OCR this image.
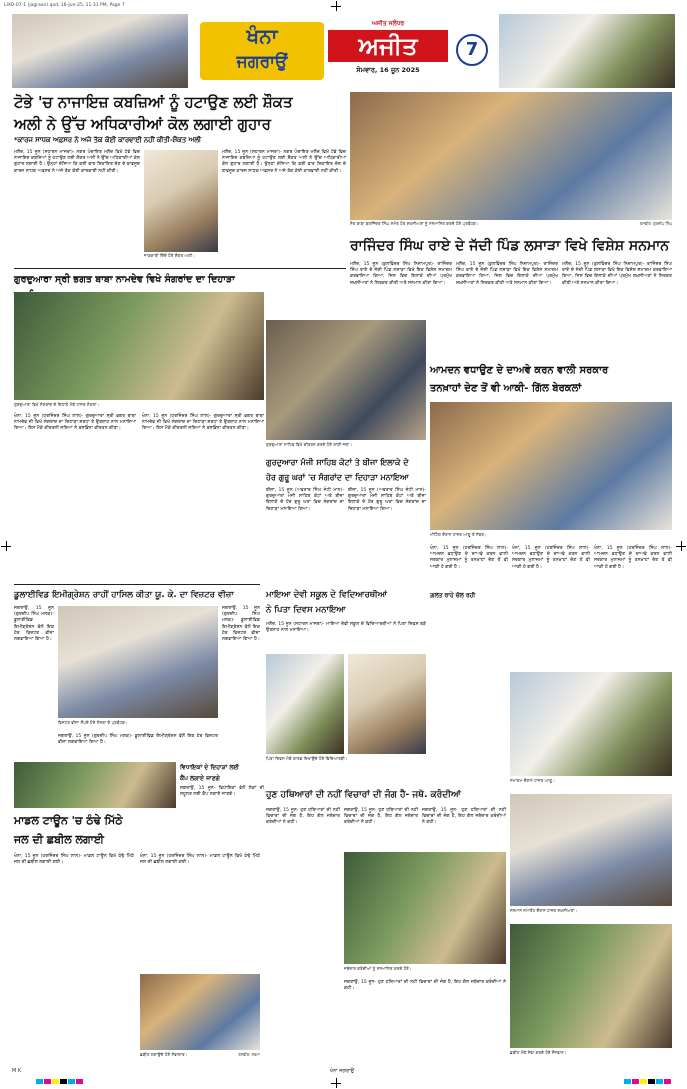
LIXO-07-1 (jagraon).qxd, 16-Jun-25, 11:31 PM, Page 7
ਖੰਨਾ
ਜਗਰਾਉਂ
ਅਜੀਤ ਜਲੰਧਰ
ਅਜੀਤ
ਸੋਮਵਾਰ, 16 ਜੂਨ 2025
7
ਟੋਭੇ 'ਚ ਨਾਜਾਇਜ਼ ਕਬਜ਼ਿਆਂ ਨੂੰ ਹਟਾਉਣ ਲਈ ਸ਼ੌਕਤ
ਅਲੀ ਨੇ ਉੱਚ ਅਧਿਕਾਰੀਆਂ ਕੋਲ ਲਗਾਈ ਗੁਹਾਰ
*ਕਾਰਜ ਸਾਧਕ ਅਫ਼ਸਰ ਨੇ ਅਜੇ ਤੱਕ ਕੋਈ ਕਾਰਵਾਈ ਨਹੀਂ ਕੀਤੀ-ਸ਼ੌਕਤ ਅਲੀ
ਮਲੌਦ, 15 ਜੂਨ (ਸਹਾਰਨ ਮਾਜਰਾ)- ਨਗਰ ਪੰਚਾਇਤ ਮਲੌਦ ਵਿਖੇ ਟੋਭੇ ਵਿਚ ਨਾਜਾਇਜ਼ ਕਬਜ਼ਿਆਂ ਨੂੰ ਹਟਾਉਣ ਲਈ ਸ਼ੌਕਤ ਅਲੀ ਨੇ ਉੱਚ ਅਧਿਕਾਰੀਆਂ ਕੋਲ ਗੁਹਾਰ ਲਗਾਈ ਹੈ। ਉਨ੍ਹਾਂ ਦੱਸਿਆ ਕਿ ਕਈ ਵਾਰ ਸ਼ਿਕਾਇਤ ਦੇਣ ਦੇ ਬਾਵਜੂਦ ਕਾਰਜ ਸਾਧਕ ਅਫ਼ਸਰ ਨੇ ਅਜੇ ਤੱਕ ਕੋਈ ਕਾਰਵਾਈ ਨਹੀਂ ਕੀਤੀ।
ਜਾਣਕਾਰੀ ਦਿੰਦੇ ਹੋਏ ਸ਼ੌਕਤ ਅਲੀ।
ਮਲੌਦ, 15 ਜੂਨ (ਸਹਾਰਨ ਮਾਜਰਾ)- ਨਗਰ ਪੰਚਾਇਤ ਮਲੌਦ ਵਿਖੇ ਟੋਭੇ ਵਿਚ ਨਾਜਾਇਜ਼ ਕਬਜ਼ਿਆਂ ਨੂੰ ਹਟਾਉਣ ਲਈ ਸ਼ੌਕਤ ਅਲੀ ਨੇ ਉੱਚ ਅਧਿਕਾਰੀਆਂ ਕੋਲ ਗੁਹਾਰ ਲਗਾਈ ਹੈ। ਉਨ੍ਹਾਂ ਦੱਸਿਆ ਕਿ ਕਈ ਵਾਰ ਸ਼ਿਕਾਇਤ ਦੇਣ ਦੇ ਬਾਵਜੂਦ ਕਾਰਜ ਸਾਧਕ ਅਫ਼ਸਰ ਨੇ ਅਜੇ ਤੱਕ ਕੋਈ ਕਾਰਵਾਈ ਨਹੀਂ ਕੀਤੀ।
ਸੰਤ ਬਾਬਾ ਬਲਜਿੰਦਰ ਸਿੰਘ ਸਮੇਤ ਹੋਰ ਸ਼ਖ਼ਸੀਅਤਾਂ ਨੂੰ ਸਨਮਾਨਿਤ ਕਰਦੇ ਹੋਏ ਪ੍ਰਬੰਧਕ।	ਤਸਵੀਰ: ਗੁਰਦੀਪ ਸਿੰਘ
ਰਾਜਿੰਦਰ ਸਿੰਘ ਰਾਏ ਦੇ ਜੱਦੀ ਪਿੰਡ ਲਸਾੜਾ ਵਿਖੇ ਵਿਸ਼ੇਸ਼ ਸਨਮਾਨ
ਮਲੌਦ, 15 ਜੂਨ (ਕੁਲਵਿੰਦਰ ਸਿੰਘ ਨਿਜ਼ਾਮਪੁਰ)- ਰਾਜਿੰਦਰ ਸਿੰਘ ਰਾਏ ਦੇ ਜੱਦੀ ਪਿੰਡ ਲਸਾੜਾ ਵਿਖੇ ਇਕ ਵਿਸ਼ੇਸ਼ ਸਮਾਗਮ ਕਰਵਾਇਆ ਗਿਆ, ਜਿਸ ਵਿਚ ਇਲਾਕੇ ਦੀਆਂ ਪ੍ਰਮੁੱਖ ਸ਼ਖ਼ਸੀਅਤਾਂ ਨੇ ਸ਼ਿਰਕਤ ਕੀਤੀ ਅਤੇ ਸਨਮਾਨ ਕੀਤਾ ਗਿਆ।
ਮਲੌਦ, 15 ਜੂਨ (ਕੁਲਵਿੰਦਰ ਸਿੰਘ ਨਿਜ਼ਾਮਪੁਰ)- ਰਾਜਿੰਦਰ ਸਿੰਘ ਰਾਏ ਦੇ ਜੱਦੀ ਪਿੰਡ ਲਸਾੜਾ ਵਿਖੇ ਇਕ ਵਿਸ਼ੇਸ਼ ਸਮਾਗਮ ਕਰਵਾਇਆ ਗਿਆ, ਜਿਸ ਵਿਚ ਇਲਾਕੇ ਦੀਆਂ ਪ੍ਰਮੁੱਖ ਸ਼ਖ਼ਸੀਅਤਾਂ ਨੇ ਸ਼ਿਰਕਤ ਕੀਤੀ ਅਤੇ ਸਨਮਾਨ ਕੀਤਾ ਗਿਆ।
ਮਲੌਦ, 15 ਜੂਨ (ਕੁਲਵਿੰਦਰ ਸਿੰਘ ਨਿਜ਼ਾਮਪੁਰ)- ਰਾਜਿੰਦਰ ਸਿੰਘ ਰਾਏ ਦੇ ਜੱਦੀ ਪਿੰਡ ਲਸਾੜਾ ਵਿਖੇ ਇਕ ਵਿਸ਼ੇਸ਼ ਸਮਾਗਮ ਕਰਵਾਇਆ ਗਿਆ, ਜਿਸ ਵਿਚ ਇਲਾਕੇ ਦੀਆਂ ਪ੍ਰਮੁੱਖ ਸ਼ਖ਼ਸੀਅਤਾਂ ਨੇ ਸ਼ਿਰਕਤ ਕੀਤੀ ਅਤੇ ਸਨਮਾਨ ਕੀਤਾ ਗਿਆ।
ਗੁਰਦੁਆਰਾ ਸ੍ਰੀ ਭਗਤ ਬਾਬਾ ਨਾਮਦੇਵ ਵਿਖੇ ਸੰਗਰਾਂਦ ਦਾ ਦਿਹਾੜਾ
ਗੁਰਦੁਆਰਾ ਵਿਖੇ ਸੰਗਰਾਂਦ ਦੇ ਦਿਹਾੜੇ ਮੌਕੇ ਹਾਜ਼ਰ ਸੰਗਤਾਂ।
ਖੰਨਾ, 15 ਜੂਨ (ਹਰਜਿੰਦਰ ਸਿੰਘ ਲਾਲ)- ਗੁਰਦੁਆਰਾ ਸ੍ਰੀ ਭਗਤ ਬਾਬਾ ਨਾਮਦੇਵ ਜੀ ਵਿਖੇ ਸੰਗਰਾਂਦ ਦਾ ਦਿਹਾੜਾ ਸ਼ਰਧਾ ਤੇ ਉਤਸ਼ਾਹ ਨਾਲ ਮਨਾਇਆ ਗਿਆ। ਇਸ ਮੌਕੇ ਕੀਰਤਨੀ ਜਥਿਆਂ ਨੇ ਰਸਭਿੰਨਾ ਕੀਰਤਨ ਕੀਤਾ।
ਖੰਨਾ, 15 ਜੂਨ (ਹਰਜਿੰਦਰ ਸਿੰਘ ਲਾਲ)- ਗੁਰਦੁਆਰਾ ਸ੍ਰੀ ਭਗਤ ਬਾਬਾ ਨਾਮਦੇਵ ਜੀ ਵਿਖੇ ਸੰਗਰਾਂਦ ਦਾ ਦਿਹਾੜਾ ਸ਼ਰਧਾ ਤੇ ਉਤਸ਼ਾਹ ਨਾਲ ਮਨਾਇਆ ਗਿਆ। ਇਸ ਮੌਕੇ ਕੀਰਤਨੀ ਜਥਿਆਂ ਨੇ ਰਸਭਿੰਨਾ ਕੀਰਤਨ ਕੀਤਾ।
ਗੁਰਦੁਆਰਾ ਸਾਹਿਬ ਵਿਖੇ ਕੀਰਤਨ ਕਰਦੇ ਹੋਏ ਰਾਗੀ ਜਥਾ।
ਗੁਰਦੁਆਰਾ ਮੰਜੀ ਸਾਹਿਬ ਕੋਟਾਂ ਤੇ ਬੀਜਾ ਇਲਾਕੇ ਦੇ
ਹੋਰ ਗੁਰੂ ਘਰਾਂ 'ਚ ਸੰਗਰਾਂਦ ਦਾ ਦਿਹਾੜਾ ਮਨਾਇਆ
ਬੀਜਾ, 15 ਜੂਨ (ਅਵਤਾਰ ਸਿੰਘ ਜੰਟੀ ਮਾਨ)- ਗੁਰਦੁਆਰਾ ਮੰਜੀ ਸਾਹਿਬ ਕੋਟਾਂ ਅਤੇ ਬੀਜਾ ਇਲਾਕੇ ਦੇ ਹੋਰ ਗੁਰੂ ਘਰਾਂ ਵਿਚ ਸੰਗਰਾਂਦ ਦਾ ਦਿਹਾੜਾ ਮਨਾਇਆ ਗਿਆ।
ਬੀਜਾ, 15 ਜੂਨ (ਅਵਤਾਰ ਸਿੰਘ ਜੰਟੀ ਮਾਨ)- ਗੁਰਦੁਆਰਾ ਮੰਜੀ ਸਾਹਿਬ ਕੋਟਾਂ ਅਤੇ ਬੀਜਾ ਇਲਾਕੇ ਦੇ ਹੋਰ ਗੁਰੂ ਘਰਾਂ ਵਿਚ ਸੰਗਰਾਂਦ ਦਾ ਦਿਹਾੜਾ ਮਨਾਇਆ ਗਿਆ।
ਆਮਦਨ ਵਧਾਉਣ ਦੇ ਦਾਅਵੇ ਕਰਨ ਵਾਲੀ ਸਰਕਾਰ
ਤਨਖ਼ਾਹਾਂ ਦੇਣ ਤੋਂ ਵੀ ਆਕੀ- ਗਿੱਲ ਬੇਰਕਲਾਂ
ਮੀਟਿੰਗ ਦੌਰਾਨ ਹਾਜ਼ਰ ਆਗੂ ਤੇ ਮੈਂਬਰ।
ਖੰਨਾ, 15 ਜੂਨ (ਹਰਜਿੰਦਰ ਸਿੰਘ ਲਾਲ)- ਆਮਦਨ ਵਧਾਉਣ ਦੇ ਦਾਅਵੇ ਕਰਨ ਵਾਲੀ ਸਰਕਾਰ ਮੁਲਾਜ਼ਮਾਂ ਨੂੰ ਤਨਖ਼ਾਹਾਂ ਦੇਣ ਤੋਂ ਵੀ ਆਕੀ ਹੋ ਗਈ ਹੈ।
ਗ਼ਲਤ ਰਾਹੇ ਚੱਲ ਰਹੀ
ਖੰਨਾ, 15 ਜੂਨ (ਹਰਜਿੰਦਰ ਸਿੰਘ ਲਾਲ)- ਆਮਦਨ ਵਧਾਉਣ ਦੇ ਦਾਅਵੇ ਕਰਨ ਵਾਲੀ ਸਰਕਾਰ ਮੁਲਾਜ਼ਮਾਂ ਨੂੰ ਤਨਖ਼ਾਹਾਂ ਦੇਣ ਤੋਂ ਵੀ ਆਕੀ ਹੋ ਗਈ ਹੈ।
ਖੰਨਾ, 15 ਜੂਨ (ਹਰਜਿੰਦਰ ਸਿੰਘ ਲਾਲ)- ਆਮਦਨ ਵਧਾਉਣ ਦੇ ਦਾਅਵੇ ਕਰਨ ਵਾਲੀ ਸਰਕਾਰ ਮੁਲਾਜ਼ਮਾਂ ਨੂੰ ਤਨਖ਼ਾਹਾਂ ਦੇਣ ਤੋਂ ਵੀ ਆਕੀ ਹੋ ਗਈ ਹੈ।
ਡੂਲਾਈਵਿਡ ਇਮੀਗ੍ਰੇਸ਼ਨ ਰਾਹੀਂ ਹਾਸਿਲ ਕੀਤਾ ਯੂ. ਕੇ. ਦਾ ਵਿਜ਼ਟਰ ਵੀਜ਼ਾ
ਜਗਰਾਉਂ, 15 ਜੂਨ (ਗੁਰਦੀਪ ਸਿੰਘ ਮਲਕ)- ਡੂਲਾਈਵਿਡ ਇਮੀਗ੍ਰੇਸ਼ਨ ਵੱਲੋਂ ਇਕ ਹੋਰ ਵਿਜ਼ਟਰ ਵੀਜ਼ਾ ਲਗਵਾਇਆ ਗਿਆ ਹੈ।
ਵਿਜ਼ਟਰ ਵੀਜ਼ਾ ਸੌਂਪਦੇ ਹੋਏ ਸੰਸਥਾ ਦੇ ਪ੍ਰਬੰਧਕ।
ਜਗਰਾਉਂ, 15 ਜੂਨ (ਗੁਰਦੀਪ ਸਿੰਘ ਮਲਕ)- ਡੂਲਾਈਵਿਡ ਇਮੀਗ੍ਰੇਸ਼ਨ ਵੱਲੋਂ ਇਕ ਹੋਰ ਵਿਜ਼ਟਰ ਵੀਜ਼ਾ ਲਗਵਾਇਆ ਗਿਆ ਹੈ।
ਜਗਰਾਉਂ, 15 ਜੂਨ (ਗੁਰਦੀਪ ਸਿੰਘ ਮਲਕ)- ਡੂਲਾਈਵਿਡ ਇਮੀਗ੍ਰੇਸ਼ਨ ਵੱਲੋਂ ਇਕ ਹੋਰ ਵਿਜ਼ਟਰ ਵੀਜ਼ਾ ਲਗਵਾਇਆ ਗਿਆ ਹੈ।
ਮਾਇਆ ਦੇਵੀ ਸਕੂਲ ਦੇ ਵਿਦਿਆਰਥੀਆਂ
ਨੇ ਪਿਤਾ ਦਿਵਸ ਮਨਾਇਆ
ਮਲੌਦ, 15 ਜੂਨ (ਸਹਾਰਨ ਮਾਜਰਾ)- ਮਾਇਆ ਦੇਵੀ ਸਕੂਲ ਦੇ ਵਿਦਿਆਰਥੀਆਂ ਨੇ ਪਿਤਾ ਦਿਵਸ ਬੜੇ ਉਤਸ਼ਾਹ ਨਾਲ ਮਨਾਇਆ।
ਪਿਤਾ ਦਿਵਸ ਮੌਕੇ ਕਾਰਡ ਦਿਖਾਉਂਦੇ ਹੋਏ ਵਿਦਿਆਰਥੀ।
ਵਿਧਾਇਕਾਂ ਦੇ ਦਿਹਾੜਾਂ ਲਈ
ਕੈਂਪ ਲਗਾਏ ਜਾਣਗੇ
ਜਗਰਾਉਂ, 15 ਜੂਨ- ਵਿਧਾਇਕਾਂ ਵੱਲੋਂ ਲੋਕਾਂ ਦੀ ਸਹੂਲਤ ਲਈ ਕੈਂਪ ਲਗਾਏ ਜਾਣਗੇ।
ਮਾਡਲ ਟਾਊਨ 'ਚ ਠੰਢੇ ਮਿੱਠੇ
ਜਲ ਦੀ ਛਬੀਲ ਲਗਾਈ
ਖੰਨਾ, 15 ਜੂਨ (ਹਰਜਿੰਦਰ ਸਿੰਘ ਲਾਲ)- ਮਾਡਲ ਟਾਊਨ ਵਿਖੇ ਠੰਢੇ ਮਿੱਠੇ ਜਲ ਦੀ ਛਬੀਲ ਲਗਾਈ ਗਈ।
ਖੰਨਾ, 15 ਜੂਨ (ਹਰਜਿੰਦਰ ਸਿੰਘ ਲਾਲ)- ਮਾਡਲ ਟਾਊਨ ਵਿਖੇ ਠੰਢੇ ਮਿੱਠੇ ਜਲ ਦੀ ਛਬੀਲ ਲਗਾਈ ਗਈ।
ਛਬੀਲ ਲਗਾਉਂਦੇ ਹੋਏ ਸੇਵਾਦਾਰ।	ਤਸਵੀਰ: ਸ਼ਰਮਾ
ਸਮਾਗਮ ਦੌਰਾਨ ਹਾਜ਼ਰ ਆਗੂ।
ਸਨਮਾਨ ਸਮਾਰੋਹ ਦੌਰਾਨ ਹਾਜ਼ਰ ਸ਼ਖ਼ਸੀਅਤਾਂ।
ਛਬੀਲ ਮੌਕੇ ਸੇਵਾ ਕਰਦੇ ਹੋਏ ਨੌਜਵਾਨ।
ਹੁਣ ਹਥਿਆਰਾਂ ਦੀ ਨਹੀਂ ਵਿਚਾਰਾਂ ਦੀ ਜੰਗ ਹੈ- ਜਥੇ. ਕਰੰਦੀਆਂ
ਜਗਰਾਉਂ, 15 ਜੂਨ- ਹੁਣ ਹਥਿਆਰਾਂ ਦੀ ਨਹੀਂ ਵਿਚਾਰਾਂ ਦੀ ਜੰਗ ਹੈ, ਇਹ ਗੱਲ ਜਥੇਦਾਰ ਕਰੰਦੀਆਂ ਨੇ ਕਹੀ।
ਜਗਰਾਉਂ, 15 ਜੂਨ- ਹੁਣ ਹਥਿਆਰਾਂ ਦੀ ਨਹੀਂ ਵਿਚਾਰਾਂ ਦੀ ਜੰਗ ਹੈ, ਇਹ ਗੱਲ ਜਥੇਦਾਰ ਕਰੰਦੀਆਂ ਨੇ ਕਹੀ।
ਜਥੇਦਾਰ ਕਰੰਦੀਆਂ ਨੂੰ ਸਨਮਾਨਿਤ ਕਰਦੇ ਹੋਏ।
ਜਗਰਾਉਂ, 15 ਜੂਨ- ਹੁਣ ਹਥਿਆਰਾਂ ਦੀ ਨਹੀਂ ਵਿਚਾਰਾਂ ਦੀ ਜੰਗ ਹੈ, ਇਹ ਗੱਲ ਜਥੇਦਾਰ ਕਰੰਦੀਆਂ ਨੇ ਕਹੀ।
ਜਗਰਾਉਂ, 15 ਜੂਨ- ਹੁਣ ਹਥਿਆਰਾਂ ਦੀ ਨਹੀਂ ਵਿਚਾਰਾਂ ਦੀ ਜੰਗ ਹੈ, ਇਹ ਗੱਲ ਜਥੇਦਾਰ ਕਰੰਦੀਆਂ ਨੇ ਕਹੀ।
M K	ਖੰਨਾ ਜਗਰਾਉਂ
